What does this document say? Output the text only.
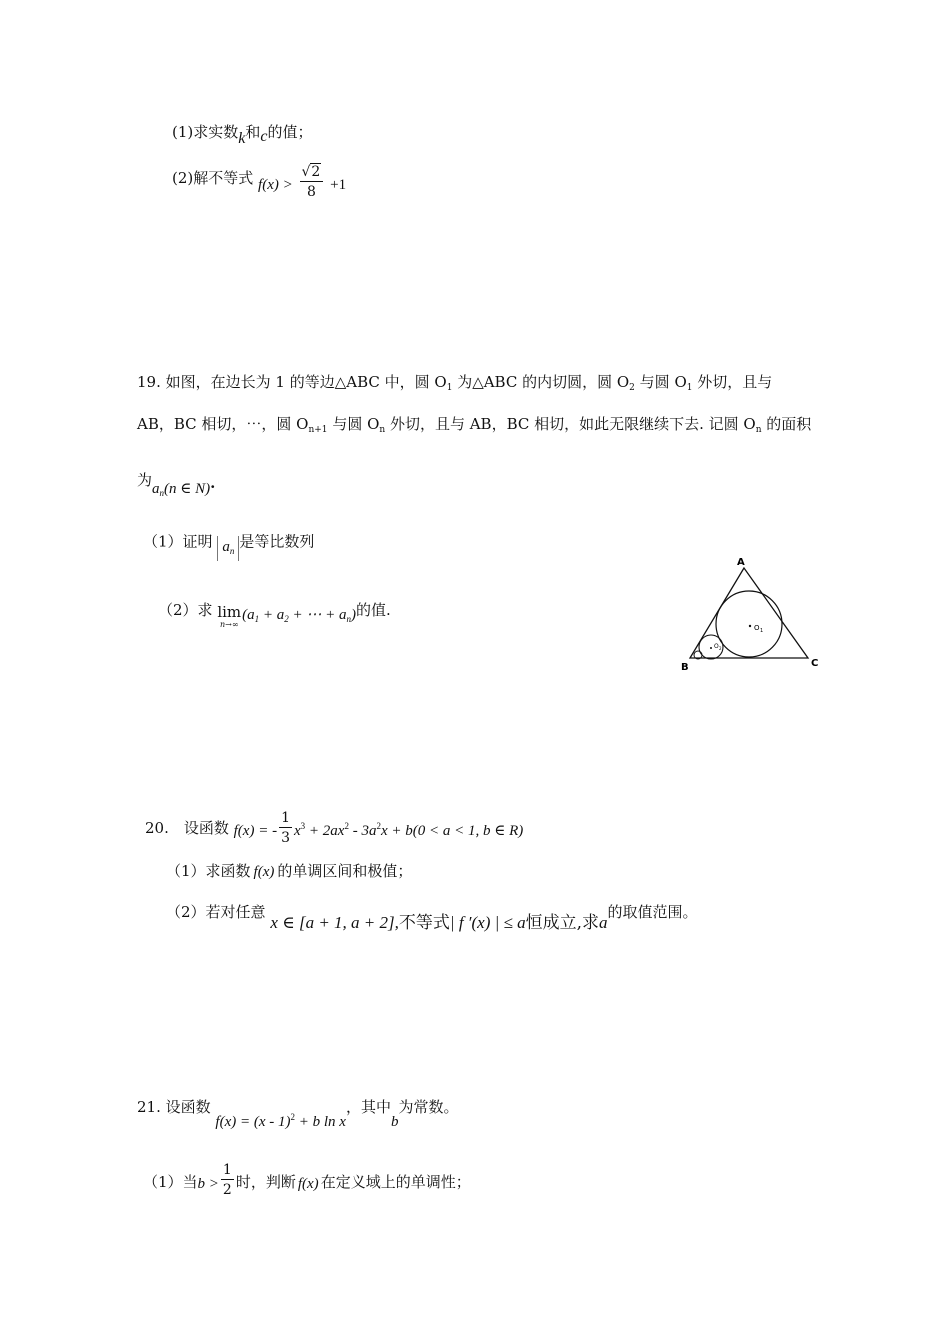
(1)求实数k和c的值；
(2)解不等式 $f(x) > \frac{√2}{8} +1$
19. 如图，在边长为 1 的等边△ABC 中，圆 $O_1$ 为△ABC 的内切圆，圆 $O_2$ 与圆 $O_1$ 外切，且与
AB，BC 相切，⋯，圆 $O_{n+1}$ 与圆 $O_n$ 外切，且与 AB，BC 相切，如此无限继续下去. 记圆 $O_n$ 的面积
为$a_n(n$ ∈ N).
（1）证明 $a_n$是等比数列
（2）求 lim
n→∞
($a_1 + a_2$ + ⋯ + $a_n$)的值.
A
B	C
O 1
O 2
20.　设函数 f(x) = - $\frac{1}{3} x^3 + 2ax^2 - 3a^2x + b(0 < a < 1$, b ∈ R)
（1）求函数 f(x) 的单调区间和极值；
（2）若对任意 x ∈ [a + 1, a + 2],不等式| f ′(x) | ≤ a恒成立,求a的取值范围。
21. 设函数 f(x) = (x - 1)$^2$ + b ln x，其中b为常数。
（1）当$b > \frac{1}{2}$ 时，判断 f(x) 在定义域上的单调性；
